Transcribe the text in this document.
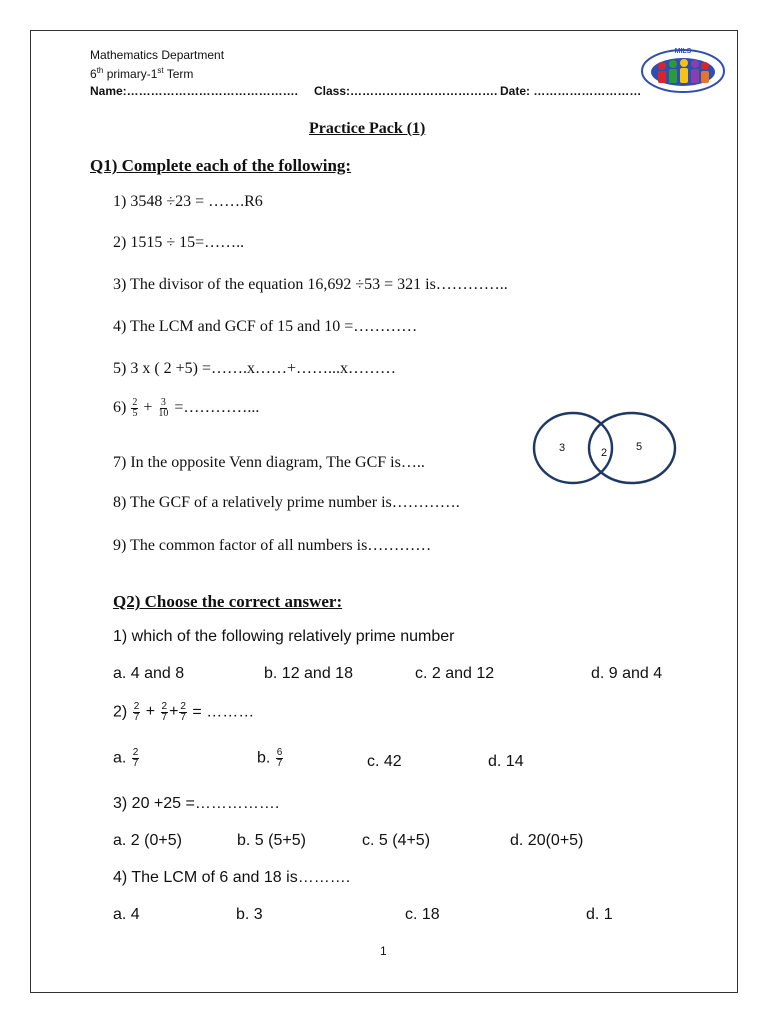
Mathematics Department
6th primary-1st Term
Name:……………………………………. Class:………………………………. Date: ………………………
MILS
Practice Pack (1)
Q1) Complete each of the following:
1) 3548 ÷23 = …….R6
2) 1515 ÷ 15=……..
3) The divisor of the equation 16,692 ÷53 = 321 is…………..
4) The LCM and GCF of 15 and 10 =…………
5) 3 x ( 2 +5) =…….x……+……...x………
$6) \frac{2}{5} + \frac{3}{10}$ =…………...
7) In the opposite Venn diagram, The GCF is…..
8) The GCF of a relatively prime number is………….
9) The common factor of all numbers is…………
3	2	5
Q2) Choose the correct answer:
1) which of the following relatively prime number
a. 4 and 8	b. 12 and 18	c. 2 and 12	d. 9 and 4
$2) \frac{2}{7} + \frac{2}{7} + \frac{2}{7}$ = ………
a. $\frac{2}{7}$	b. $\frac{6}{7}$	c. 42	d. 14
3) 20 +25 =…………….
a. 2 (0+5)	b. 5 (5+5)	c. 5 (4+5)	d. 20(0+5)
4) The LCM of 6 and 18 is……….
a. 4	b. 3	c. 18	d. 1
1
